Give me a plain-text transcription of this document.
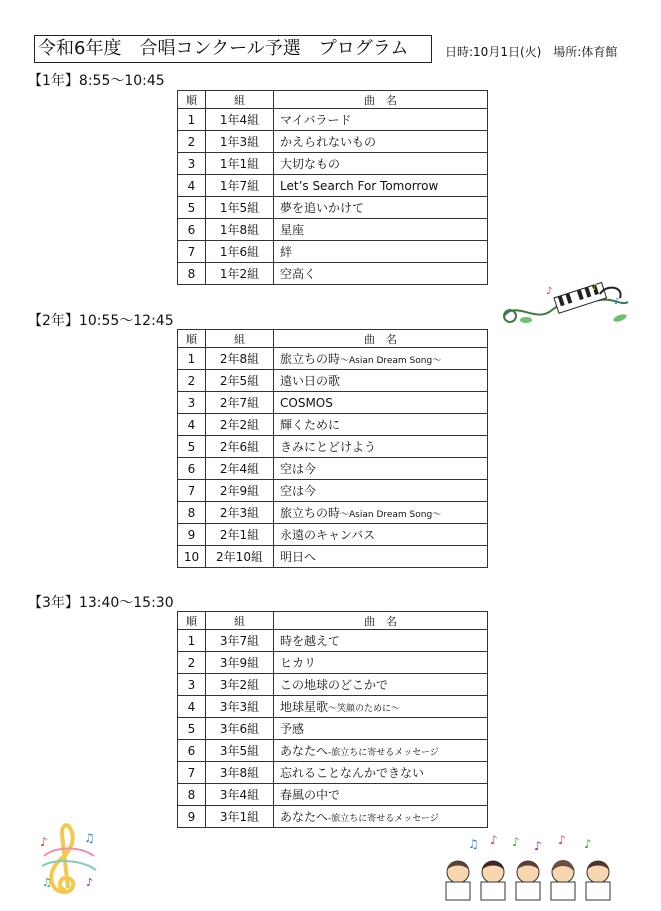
令和6年度　合唱コンクール予選　プログラム	日時:10月1日(火)　場所:体育館
【1年】8:55～10:45
順	組	曲　名
1	1年4組	マイバラード
2	1年3組	かえられないもの
3	1年1組	大切なもの
4	1年7組	Let’s Search For Tomorrow
5	1年5組	夢を追いかけて
6	1年8組	星座
7	1年6組	絆
8	1年2組	空高く
【2年】10:55～12:45
順	組	曲　名
1	2年8組	旅立ちの時～Asian Dream Song～
2	2年5組	遠い日の歌
3	2年7組	COSMOS
4	2年2組	輝くために
5	2年6組	きみにとどけよう
6	2年4組	空は今
7	2年9組	空は今
8	2年3組	旅立ちの時～Asian Dream Song～
9	2年1組	永遠のキャンバス
10	2年10組	明日へ
【3年】13:40～15:30
順	組	曲　名
1	3年7組	時を越えて
2	3年9組	ヒカリ
3	3年2組	この地球のどこかで
4	3年3組	地球星歌～笑顔のために～
5	3年6組	予感
6	3年5組	あなたへ-旅立ちに寄せるメッセージ
7	3年8組	忘れることなんかできない
8	3年4組	春風の中で
9	3年1組	あなたへ-旅立ちに寄せるメッセージ
♪	♪
♪
♪	♫
♪
♫
♫ ♪ ♪ ♪ ♪ ♪
